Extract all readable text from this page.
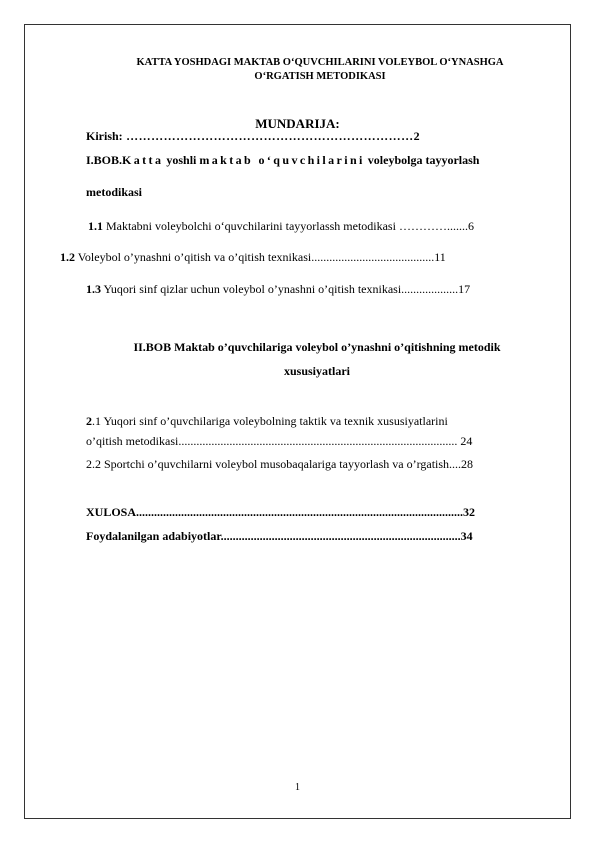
KATTA YOSHDAGI MAKTAB O‘QUVCHILARINI VOLEYBOL O‘YNASHGA
O‘RGATISH METODIKASI
MUNDARIJA:
Kirish: ……………………………………………………………2
I.BOB.Katta yoshli maktab o‘quvchilarini voleybolga tayyorlash
metodikasi
1.1 Maktabni voleybolchi o‘quvchilarini tayyorlassh metodikasi ………….......6
1.2 Voleybol o’ynashni o’qitish va o’qitish texnikasi.........................................11
1.3 Yuqori sinf qizlar uchun voleybol o’ynashni o’qitish texnikasi...................17
II.BOB Maktab o’quvchilariga voleybol o’ynashni o’qitishning metodik
xususiyatlari
2.1 Yuqori sinf o’quvchilariga voleybolning taktik va texnik xususiyatlarini
o’qitish metodikasi............................................................................................. 24
2.2 Sportchi o’quvchilarni voleybol musobaqalariga tayyorlash va o’rgatish....28
XULOSA.............................................................................................................32
Foydalanilgan adabiyotlar................................................................................34
1
